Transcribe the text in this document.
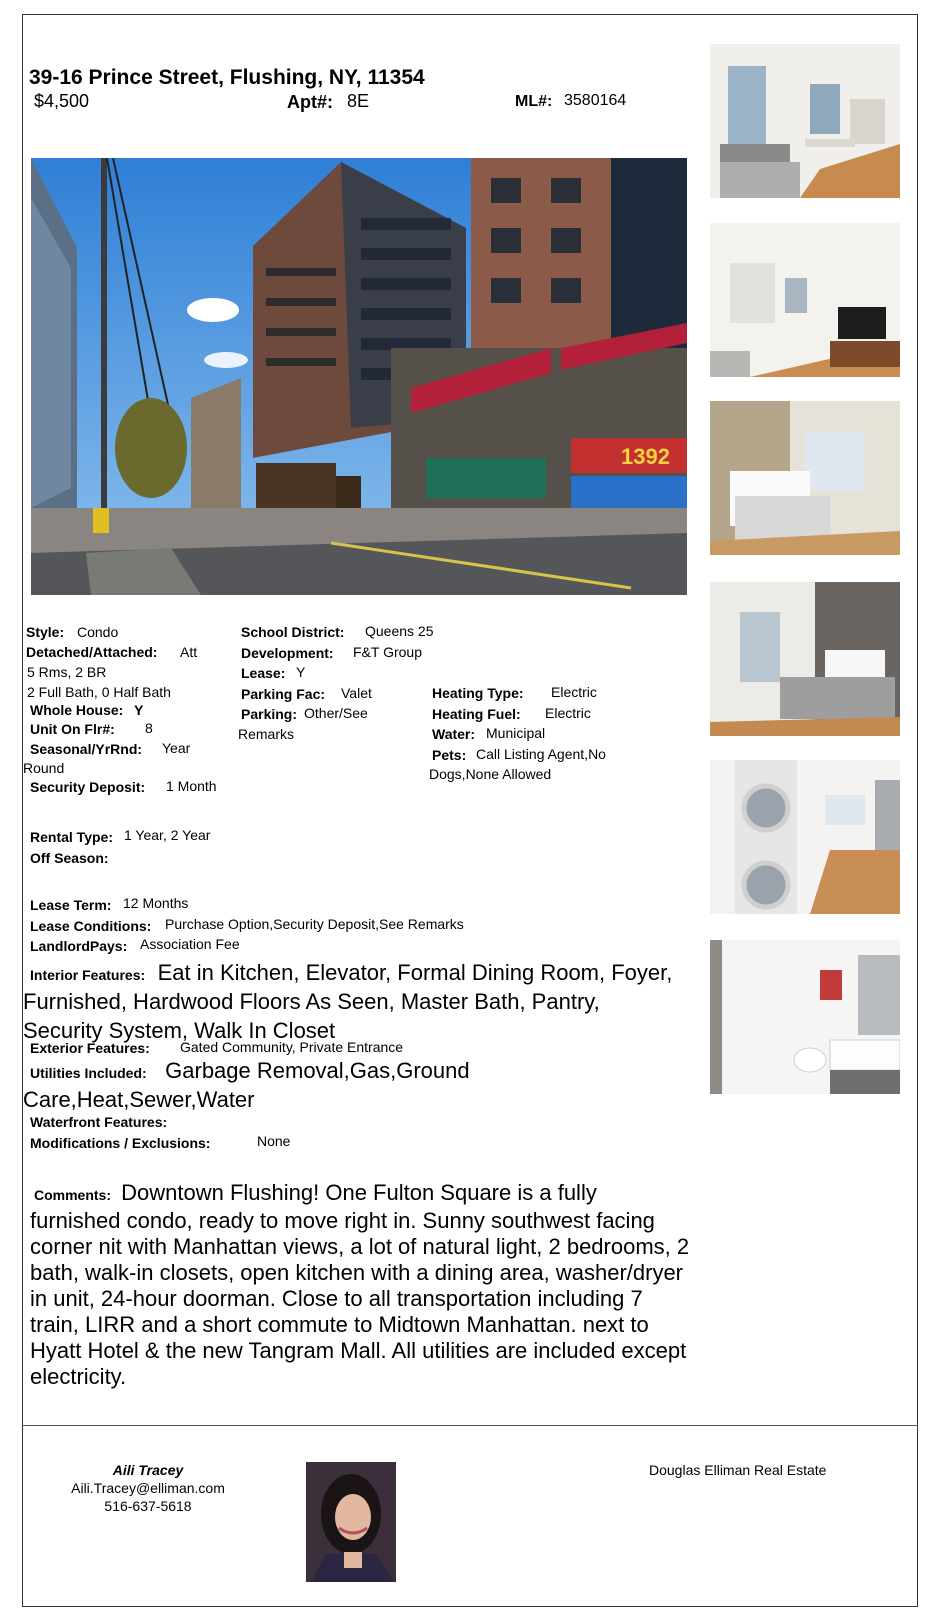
39-16 Prince Street, Flushing, NY, 11354
$4,500	Apt#: 8E	ML#: 3580164
1392
Style: Condo
Detached/Attached: Att
5 Rms, 2 BR
2 Full Bath, 0 Half Bath
Whole House: Y
Unit On Flr#: 8
Seasonal/YrRnd: Year
Round
Security Deposit: 1 Month
School District: Queens 25
Development: F&T Group
Lease: Y
Parking Fac: Valet
Parking: Other/See
Remarks
Heating Type: Electric
Heating Fuel: Electric
Water: Municipal
Pets: Call Listing Agent,No
Dogs,None Allowed
Rental Type: 1 Year, 2 Year
Off Season:
Lease Term: 12 Months
Lease Conditions: Purchase Option,Security Deposit,See Remarks
LandlordPays: Association Fee
Interior Features: Eat in Kitchen, Elevator, Formal Dining Room, Foyer, Furnished, Hardwood Floors As Seen, Master Bath, Pantry, Security System, Walk In Closet
Exterior Features: Gated Community, Private Entrance
Utilities Included: Garbage Removal,Gas,Ground Care,Heat,Sewer,Water
Waterfront Features:
Modifications / Exclusions:	None
Comments: Downtown Flushing! One Fulton Square is a fully furnished condo, ready to move right in. Sunny southwest facing corner nit with Manhattan views, a lot of natural light, 2 bedrooms, 2 bath, walk-in closets, open kitchen with a dining area, washer/dryer in unit, 24-hour doorman. Close to all transportation including 7 train, LIRR and a short commute to Midtown Manhattan. next to Hyatt Hotel & the new Tangram Mall. All utilities are included except electricity.
Aili Tracey
Aili.Tracey@elliman.com
516-637-5618
Douglas Elliman Real Estate
